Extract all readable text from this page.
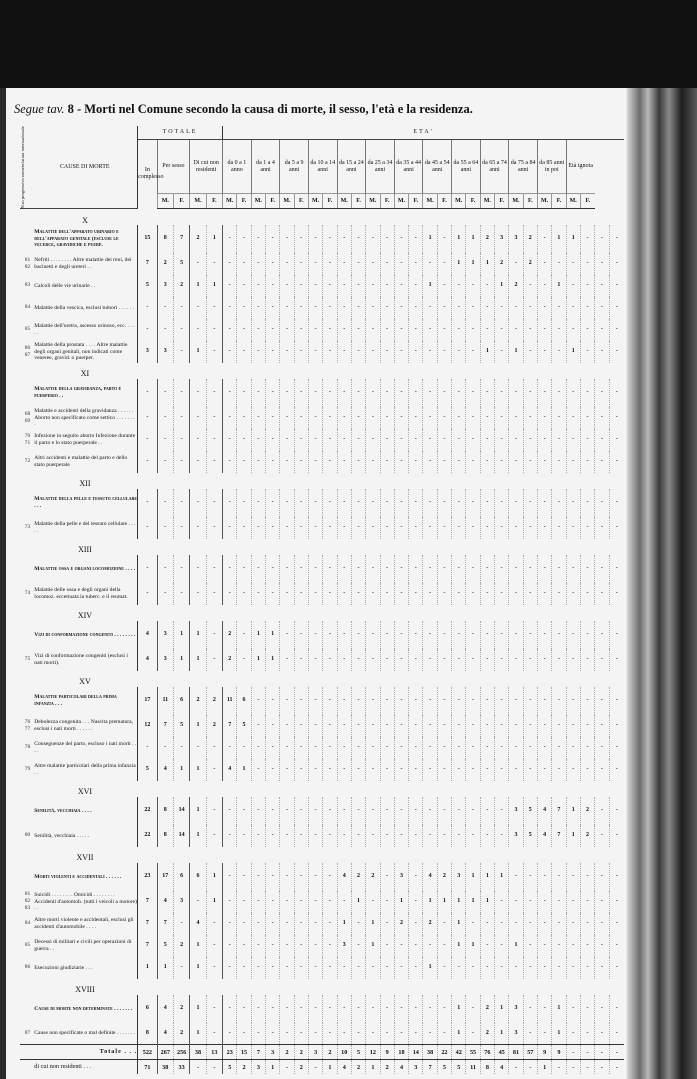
Segue tav. 8 - Morti nel Comune secondo la causa di morte, il sesso, l'età e la residenza.
N.ro progressivo nomenclatura internazionale	CAUSE DI MORTE	TOTALE					ETA'																											
		In complesso	Per sesso		Di cui non residenti		da 0 a 1 anno		da 1 a 4 anni		da 5 a 9 anni		da 10 a 14 anni		da 15 a 24 anni		da 25 a 34 anni		da 35 a 44 anni		da 45 a 54 anni		da 55 a 64 anni		da 65 a 74 anni		da 75 a 84 anni		da 85 anni in poi		Età ignota			
			M.	F.	M.	F.	M.	F.	M.	F.	M.	F.	M.	F.	M.	F.	M.	F.	M.	F.	M.	F.	M.	F.	M.	F.	M.	F.	M.	F.	M.	F.		
	X																																	
	Malattie dell'apparato urinario e dell'apparato genitale (escluse le vecerce, gravidiche e puerp.	15	8	7	2	1	-	-	-	-	-	-	-	-	-	-	-	-	-	-	1	-	1	1	2	3	3	2	-	1	1	-	-	-
81 82	Nefriti . . . . . . . . Altre malattie dei reni, dei bacinetti e degli ureteri . .	7	2	5	-	-	-	-	-	-	-	-	-	-	-	-	-	-	-	-	-	-	1	1	1	2	-	2	-	-	-	-	-	-
83	Calcoli delle vie urinarie . .	5	3	2	1	1	-	-	-	-	-	-	-	-	-	-	-	-	-	-	1	-	-	-	-	1	2	-	-	1	-	-	-	-
84	Malattie della vescica, esclusi tumori . . . . . .	-	-	-	-	-	-	-	-	-	-	-	-	-	-	-	-	-	-	-	-	-	-	-	-	-	-	-	-	-	-	-	-	-
85	Malattie dell'uretra, ascesso urinoso, ecc. . . . . .	-	-	-	-	-	-	-	-	-	-	-	-	-	-	-	-	-	-	-	-	-	-	-	-	-	-	-	-	-	-	-	-	-
86 87	Malattie della prostata . . . . Altre malattie degli organi genitali, non indicati come veneree, gravid. o puerper.	3	3	-	1	-	-	-	-	-	-	-	-	-	-	-	-	-	-	-	-	-	-	-	1	-	1	-	-	-	1	-	-	-
	XI																																	
	Malattie della gravidanza, parto e puerperio . .	-	-	-	-	-	-	-	-	-	-	-	-	-	-	-	-	-	-	-	-	-	-	-	-	-	-	-	-	-	-	-	-	-
68 69	Malattie e accidenti della gravidanza . . . . . . Aborto non specificato come settico . . . . . . . .	-	-	-	-	-	-	-	-	-	-	-	-	-	-	-	-	-	-	-	-	-	-	-	-	-	-	-	-	-	-	-	-	-
70 71	Infezione in seguito aborto Infezione durante il parto e lo stato puerperale . .	-	-	-	-	-	-	-	-	-	-	-	-	-	-	-	-	-	-	-	-	-	-	-	-	-	-	-	-	-	-	-	-	-
72	Altri accidenti e malattie del parto e dello stato puerperale	-	-	-	-	-	-	-	-	-	-	-	-	-	-	-	-	-	-	-	-	-	-	-	-	-	-	-	-	-	-	-	-	-
	XII																																	
	Malattie della pelle e tessuto cellulare . . .	-	-	-	-	-	-	-	-	-	-	-	-	-	-	-	-	-	-	-	-	-	-	-	-	-	-	-	-	-	-	-	-	-
73	Malattie della pelle e del tessuto cellulare . . . . .	-	-	-	-	-	-	-	-	-	-	-	-	-	-	-	-	-	-	-	-	-	-	-	-	-	-	-	-	-	-	-	-	-
	XIII																																	
	Malattie ossa e organi locomozione . . . .	-	-	-	-	-	-	-	-	-	-	-	-	-	-	-	-	-	-	-	-	-	-	-	-	-	-	-	-	-	-	-	-	-
74	Malattie delle ossa e degli organi della locomoz. eccettuata la tuberc. e il reumat.	-	-	-	-	-	-	-	-	-	-	-	-	-	-	-	-	-	-	-	-	-	-	-	-	-	-	-	-	-	-	-	-	-
	XIV																																	
	Vizi di conformazione congeniti . . . . . . . .	4	3	1	1	-	2	-	1	1	-	-	-	-	-	-	-	-	-	-	-	-	-	-	-	-	-	-	-	-	-	-	-	-
75	Vizi di conformazione congeniti (esclusi i nati morti).	4	3	1	1	-	2	-	1	1	-	-	-	-	-	-	-	-	-	-	-	-	-	-	-	-	-	-	-	-	-	-	-	-
	XV																																	
	Malattie particolari della prima infanzia . . .	17	11	6	2	2	11	6	-	-	-	-	-	-	-	-	-	-	-	-	-	-	-	-	-	-	-	-	-	-	-	-	-	-
76 77	Debolezza congenita . . . Nascita prematura, esclusi i nati morti . . . . . .	12	7	5	1	2	7	5	-	-	-	-	-	-	-	-	-	-	-	-	-	-	-	-	-	-	-	-	-	-	-	-	-	-
78	Conseguenze del parto, escluso i nati morti . . . .	-	-	-	-	-	-	-	-	-	-	-	-	-	-	-	-	-	-	-	-	-	-	-	-	-	-	-	-	-	-	-	-	-
79	Altre malattie particolari della prima infanzia . .	5	4	1	1	-	4	1	-	-	-	-	-	-	-	-	-	-	-	-	-	-	-	-	-	-	-	-	-	-	-	-	-	-
	XVI																																	
	Senilità, vecchiaia . . . .	22	8	14	1	-	-	-	-	-	-	-	-	-	-	-	-	-	-	-	-	-	-	-	-	-	3	5	4	7	1	2	-	-
80	Senilità, vecchiaia . . . . .	22	8	14	1	-	-	-	-	-	-	-	-	-	-	-	-	-	-	-	-	-	-	-	-	-	3	5	4	7	1	2	-	-
	XVII																																	
	Morti violenti e accidentali . . . . . .	23	17	6	6	1	-	-	-	-	-	-	-	-	4	2	2	-	3	-	4	2	3	1	1	1	-	-	-	-	-	-	-	-
81 82 83	Suicidi . . . . . . . . Omicidi . . . . . . . . Accidenti d'automob. (tutti i veicoli a motore) . .	7	4	3	-	1	-	-	-	-	-	-	-	-	-	1	-	-	1	-	1	1	1	1	1	-	-	-	-	-	-	-	-	-
84	Altre morti violente e accidentali, esclusi gli accidenti d'automobile . . . .	7	7	-	4	-	-	-	-	-	-	-	-	-	1	-	1	-	2	-	2	-	1	-	-	-	-	-	-	-	-	-	-	-
85	Decessi di militari e civili per operazioni di guerra . .	7	5	2	1	-	-	-	-	-	-	-	-	-	3	-	1	-	-	-	-	-	1	1	-	-	1	-	-	-	-	-	-	-
86	Esecuzioni giudiziarie . . .	1	1	-	1	-	-	-	-	-	-	-	-	-	-	-	-	-	-	-	1	-	-	-	-	-	-	-	-	-	-	-	-	-
	XVIII																																	
	Cause di morte non determinate . . . . . . .	6	4	2	1	-	-	-	-	-	-	-	-	-	-	-	-	-	-	-	-	-	1	-	2	1	3	-	-	1	-	-	-	-
87	Cause non specificate o mal definite . . . . . . .	8	4	2	1	-	-	-	-	-	-	-	-	-	-	-	-	-	-	-	-	-	1	-	2	1	3	-	-	1	-	-	-	-
	Totale . . .	522	267	256	38	13	23	15	7	3	2	2	3	2	10	5	12	9	18	14	38	22	42	55	76	45	81	57	9	9	-	-	-	-
	di cui non residenti . . .	71	38	33	-	-	5	2	3	1	-	2	-	1	4	2	1	2	4	3	7	5	5	11	8	4	-	-	1	-	-	-	-	-
